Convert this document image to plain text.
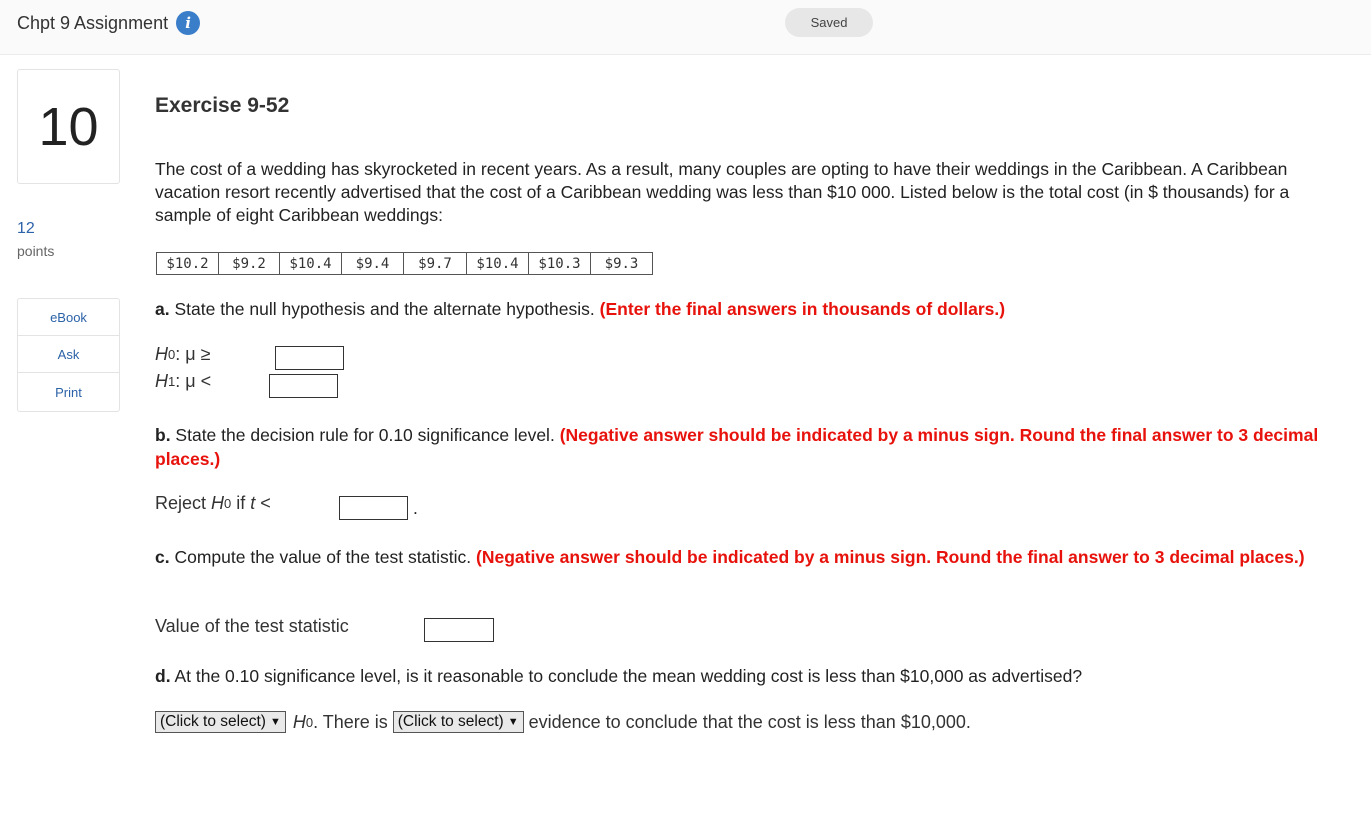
Chpt 9 Assignment	i	Saved
10
12
points
eBook
Ask
Print
Exercise 9-52
The cost of a wedding has skyrocketed in recent years. As a result, many couples are opting to have their weddings in the Caribbean. A Caribbean vacation resort recently advertised that the cost of a Caribbean wedding was less than $10 000. Listed below is the total cost (in $ thousands) for a sample of eight Caribbean weddings:
$10.2	$9.2	$10.4	$9.4	$9.7	$10.4	$10.3	$9.3
a. State the null hypothesis and the alternate hypothesis. (Enter the final answers in thousands of dollars.)
H 0 : μ ≥
H 1 : μ <
b. State the decision rule for 0.10 significance level. (Negative answer should be indicated by a minus sign. Round the final answer to 3 decimal places.)
Reject H 0 if t <	.
c. Compute the value of the test statistic. (Negative answer should be indicated by a minus sign. Round the final answer to 3 decimal places.)
Value of the test statistic
d. At the 0.10 significance level, is it reasonable to conclude the mean wedding cost is less than $10,000 as advertised?
(Click to select) ▼ H 0 . There is (Click to select) ▼ evidence to conclude that the cost is less than $10,000.
